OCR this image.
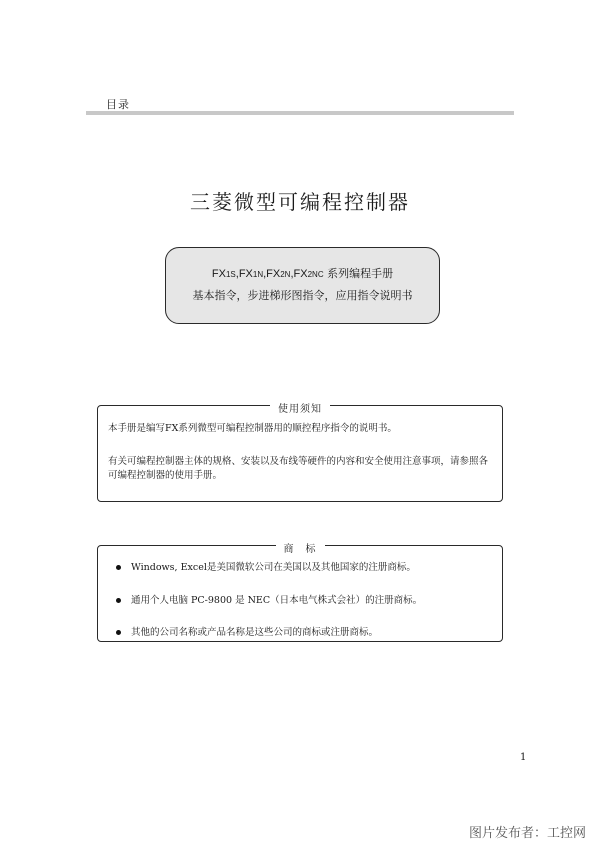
目录
三菱微型可编程控制器
FX1S,FX1N,FX2N,FX2NC 系列编程手册
基本指令，步进梯形图指令，应用指令说明书
使用须知

本手册是编写FX系列微型可编程控制器用的顺控程序指令的说明书。

有关可编程控制器主体的规格、安装以及布线等硬件的内容和安全使用注意事项，请参照各可编程控制器的使用手册。

商　标
Windows, Excel是美国微软公司在美国以及其他国家的注册商标。
通用个人电脑 PC-9800 是 NEC（日本电气株式会社）的注册商标。
其他的公司名称或产品名称是这些公司的商标或注册商标。
1
图片发布者：工控网
